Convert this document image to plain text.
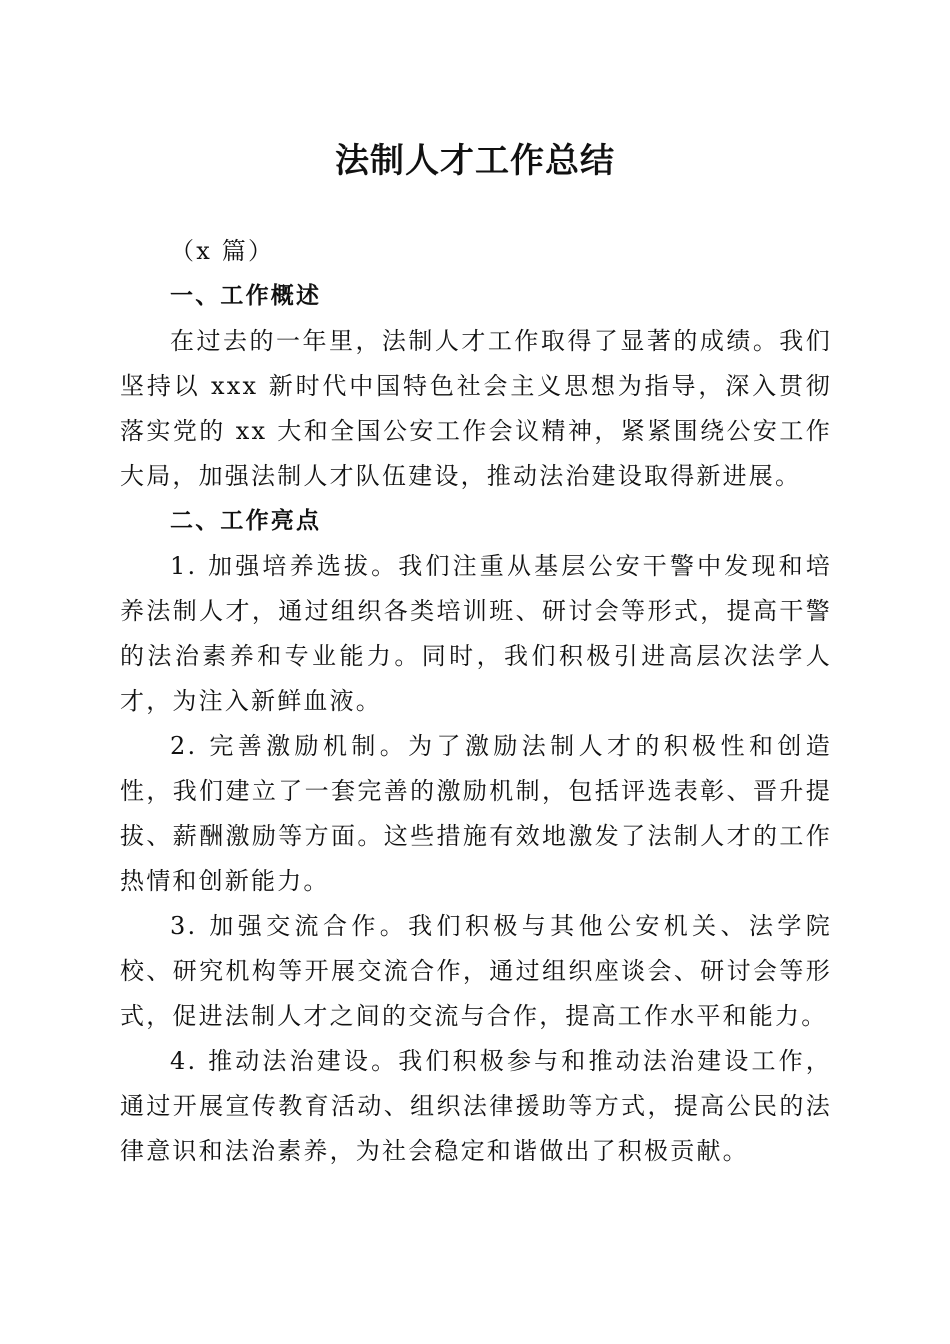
法制人才工作总结

（x 篇）

一、工作概述

在过去的一年里，法制人才工作取得了显著的成绩。我们坚持以 xxx 新时代中国特色社会主义思想为指导，深入贯彻落实党的 xx 大和全国公安工作会议精神，紧紧围绕公安工作大局，加强法制人才队伍建设，推动法治建设取得新进展。

二、工作亮点

1. 加强培养选拔。我们注重从基层公安干警中发现和培养法制人才，通过组织各类培训班、研讨会等形式，提高干警的法治素养和专业能力。同时，我们积极引进高层次法学人才，为注入新鲜血液。

2. 完善激励机制。为了激励法制人才的积极性和创造性，我们建立了一套完善的激励机制，包括评选表彰、晋升提拔、薪酬激励等方面。这些措施有效地激发了法制人才的工作热情和创新能力。

3. 加强交流合作。我们积极与其他公安机关、法学院校、研究机构等开展交流合作，通过组织座谈会、研讨会等形式，促进法制人才之间的交流与合作，提高工作水平和能力。

4. 推动法治建设。我们积极参与和推动法治建设工作，通过开展宣传教育活动、组织法律援助等方式，提高公民的法律意识和法治素养，为社会稳定和谐做出了积极贡献。
